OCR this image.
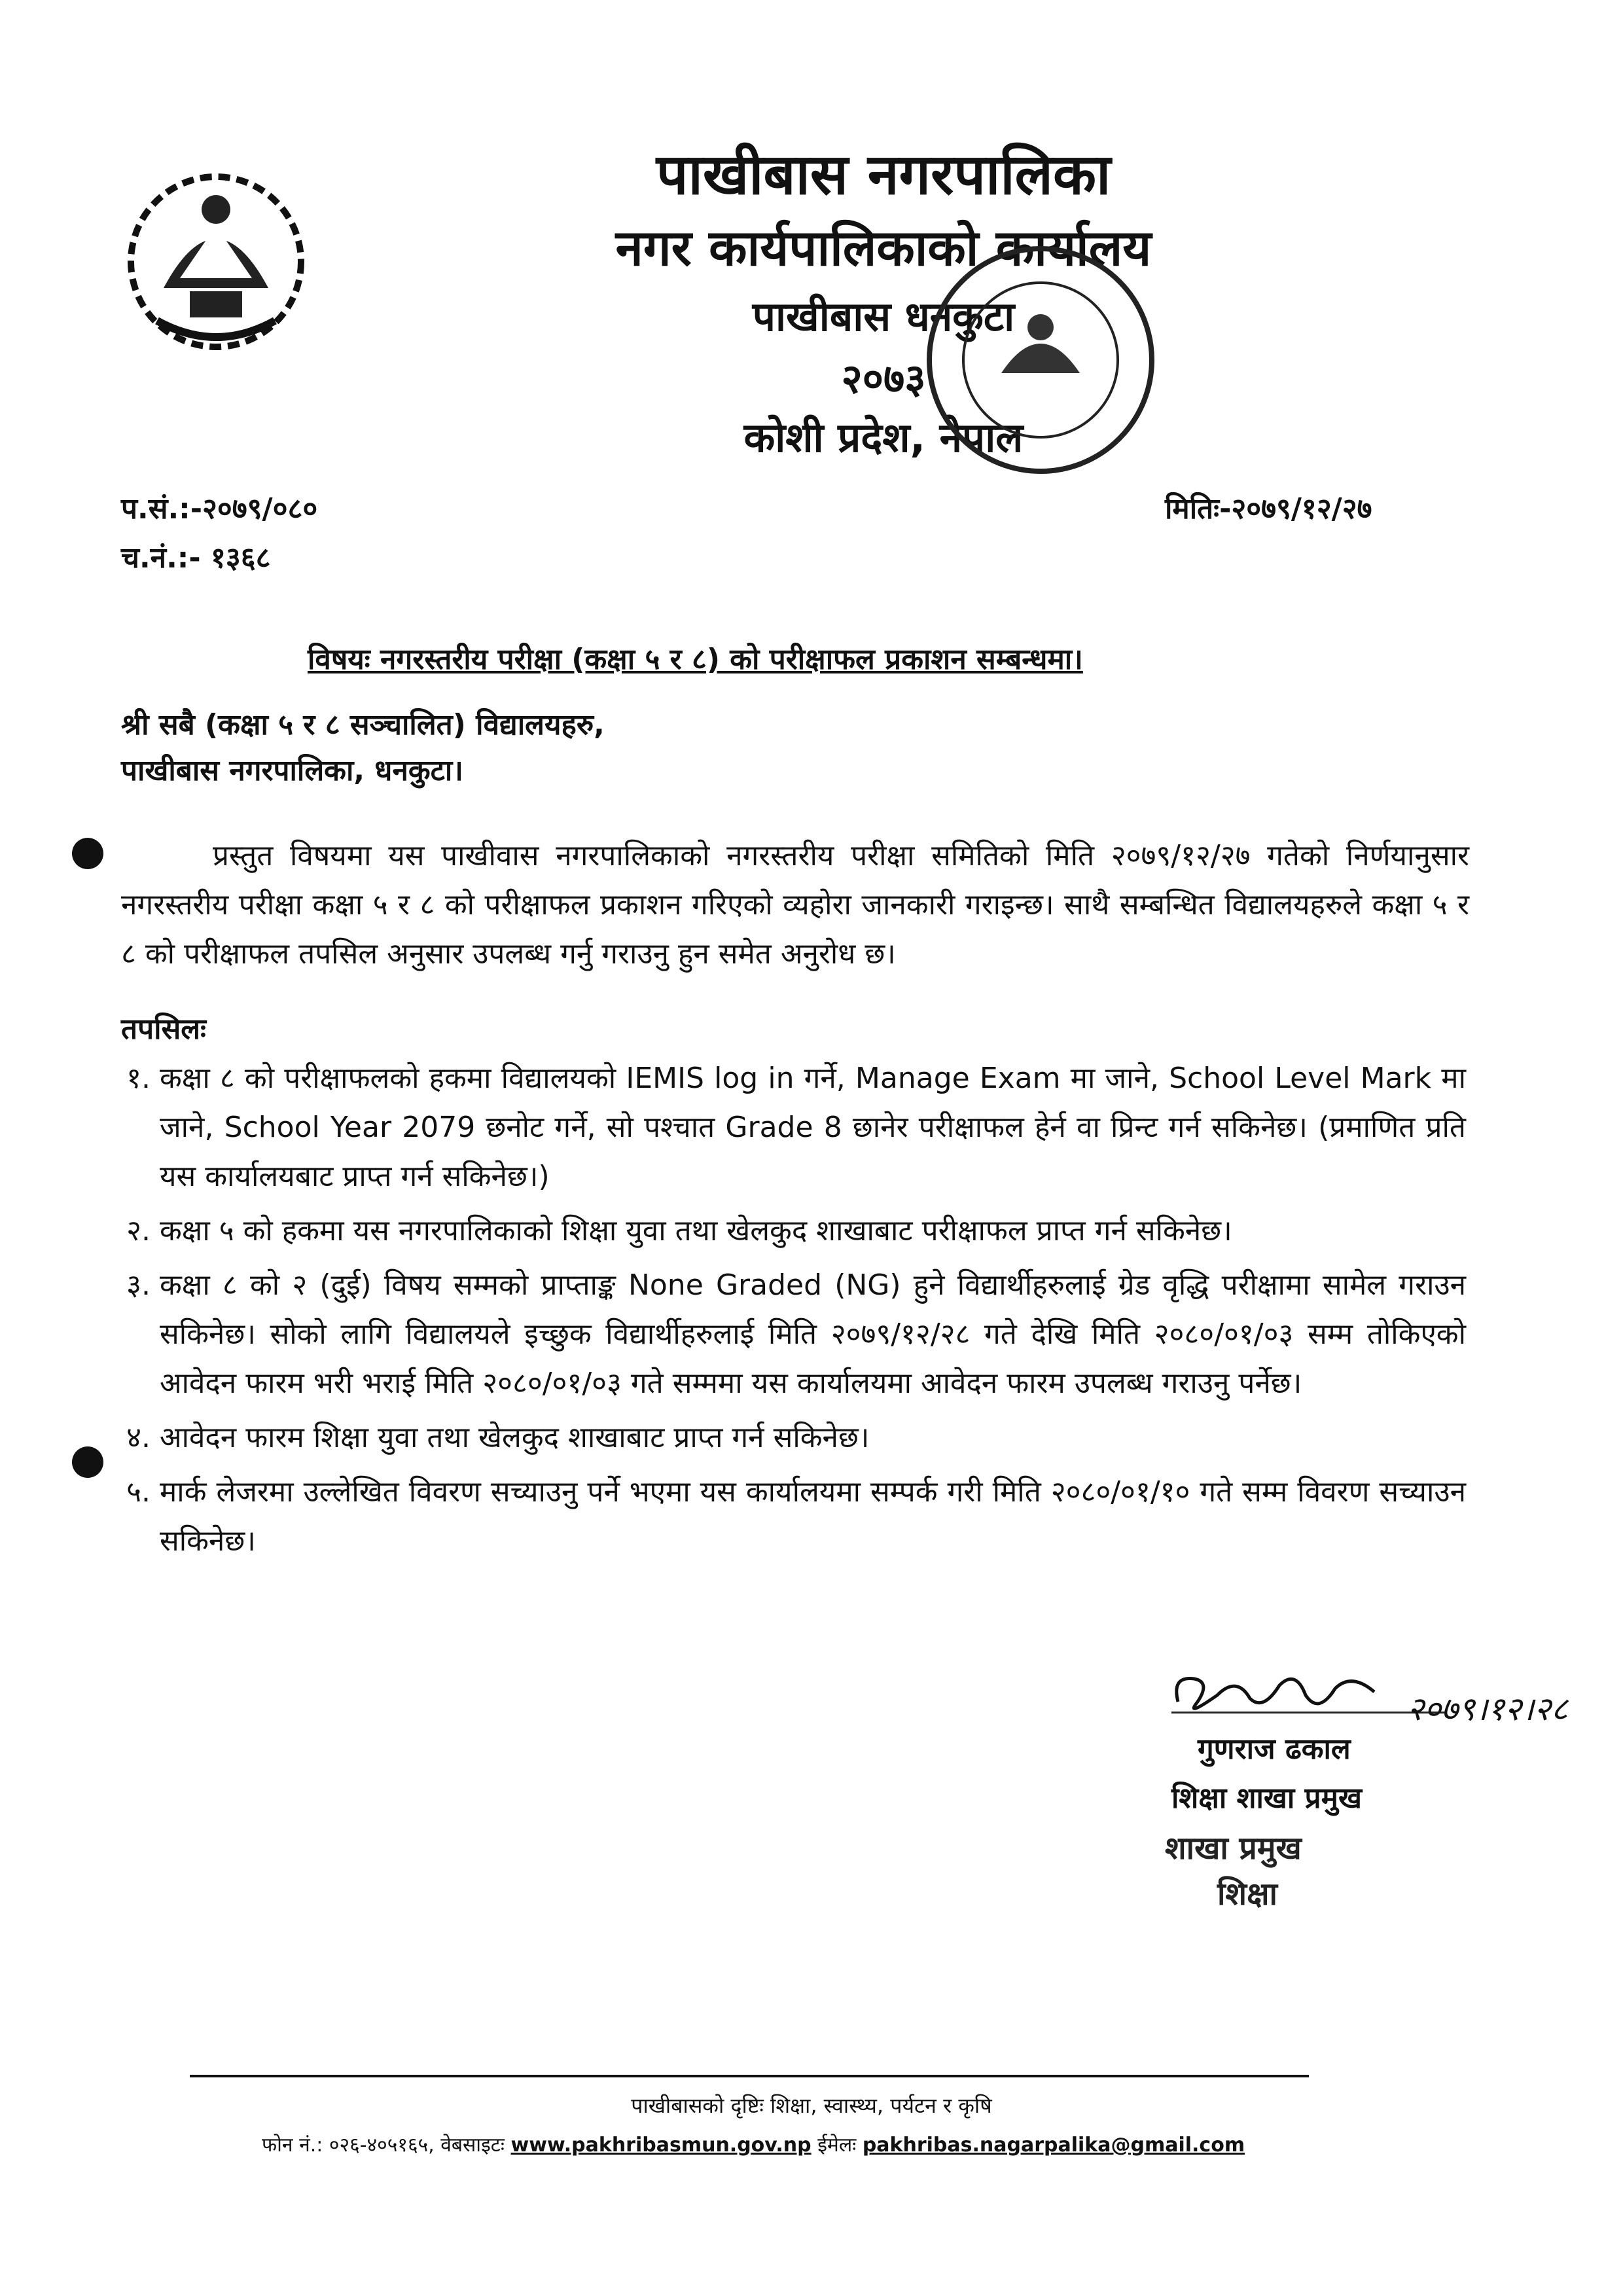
पाखीबास नगरपालिका
नगर कार्यपालिकाको कार्यालय
पाखीबास धनकुटा
२०७३
कोशी प्रदेश, नेपाल
प.सं.:-२०७९/०८०
च.नं.:- १३६८
मितिः-२०७९/१२/२७
विषयः नगरस्तरीय परीक्षा (कक्षा ५ र ८) को परीक्षाफल प्रकाशन सम्बन्धमा।
श्री सबै (कक्षा ५ र ८ सञ्चालित) विद्यालयहरु,
पाखीबास नगरपालिका, धनकुटा।
प्रस्तुत विषयमा यस पाखीवास नगरपालिकाको नगरस्तरीय परीक्षा समितिको मिति २०७९/१२/२७ गतेको निर्णयानुसार नगरस्तरीय परीक्षा कक्षा ५ र ८ को परीक्षाफल प्रकाशन गरिएको व्यहोरा जानकारी गराइन्छ। साथै सम्बन्धित विद्यालयहरुले कक्षा ५ र ८ को परीक्षाफल तपसिल अनुसार उपलब्ध गर्नु गराउनु हुन समेत अनुरोध छ।
तपसिलः
१. कक्षा ८ को परीक्षाफलको हकमा विद्यालयको IEMIS log in गर्ने, Manage Exam मा जाने, School Level Mark मा जाने, School Year 2079 छनोट गर्ने, सो पश्चात Grade 8 छानेर परीक्षाफल हेर्न वा प्रिन्ट गर्न सकिनेछ। (प्रमाणित प्रति यस कार्यालयबाट प्राप्त गर्न सकिनेछ।)
२. कक्षा ५ को हकमा यस नगरपालिकाको शिक्षा युवा तथा खेलकुद शाखाबाट परीक्षाफल प्राप्त गर्न सकिनेछ।
३. कक्षा ८ को २ (दुई) विषय सम्मको प्राप्ताङ्क None Graded (NG) हुने विद्यार्थीहरुलाई ग्रेड वृद्धि परीक्षामा सामेल गराउन सकिनेछ। सोको लागि विद्यालयले इच्छुक विद्यार्थीहरुलाई मिति २०७९/१२/२८ गते देखि मिति २०८०/०१/०३ सम्म तोकिएको आवेदन फारम भरी भराई मिति २०८०/०१/०३ गते सम्ममा यस कार्यालयमा आवेदन फारम उपलब्ध गराउनु पर्नेछ।
४. आवेदन फारम शिक्षा युवा तथा खेलकुद शाखाबाट प्राप्त गर्न सकिनेछ।
५. मार्क लेजरमा उल्लेखित विवरण सच्याउनु पर्ने भएमा यस कार्यालयमा सम्पर्क गरी मिति २०८०/०१/१० गते सम्म विवरण सच्याउन सकिनेछ।
२०७९।१२।२८
गुणराज ढकाल
शिक्षा शाखा प्रमुख
शाखा प्रमुख
शिक्षा
पाखीबासको दृष्टिः शिक्षा, स्वास्थ्य, पर्यटन र कृषि
फोन नं.: ०२६-४०५१६५, वेबसाइटः www.pakhribasmun.gov.np ईमेलः pakhribas.nagarpalika@gmail.com
